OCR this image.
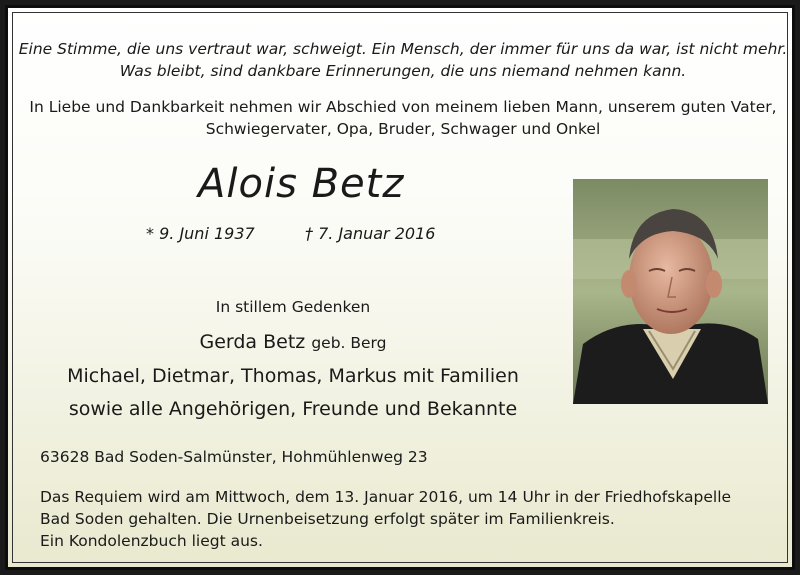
Eine Stimme, die uns vertraut war, schweigt. Ein Mensch, der immer für uns da war, ist nicht mehr.
Was bleibt, sind dankbare Erinnerungen, die uns niemand nehmen kann.
In Liebe und Dankbarkeit nehmen wir Abschied von meinem lieben Mann, unserem guten Vater,
Schwiegervater, Opa, Bruder, Schwager und Onkel
Alois Betz
* 9. Juni 1937	† 7. Januar 2016
In stillem Gedenken
Gerda Betz geb. Berg
Michael, Dietmar, Thomas, Markus mit Familien
sowie alle Angehörigen, Freunde und Bekannte
63628 Bad Soden-Salmünster, Hohmühlenweg 23
Das Requiem wird am Mittwoch, dem 13. Januar 2016, um 14 Uhr in der Friedhofskapelle
Bad Soden gehalten. Die Urnenbeisetzung erfolgt später im Familienkreis.
Ein Kondolenzbuch liegt aus.
